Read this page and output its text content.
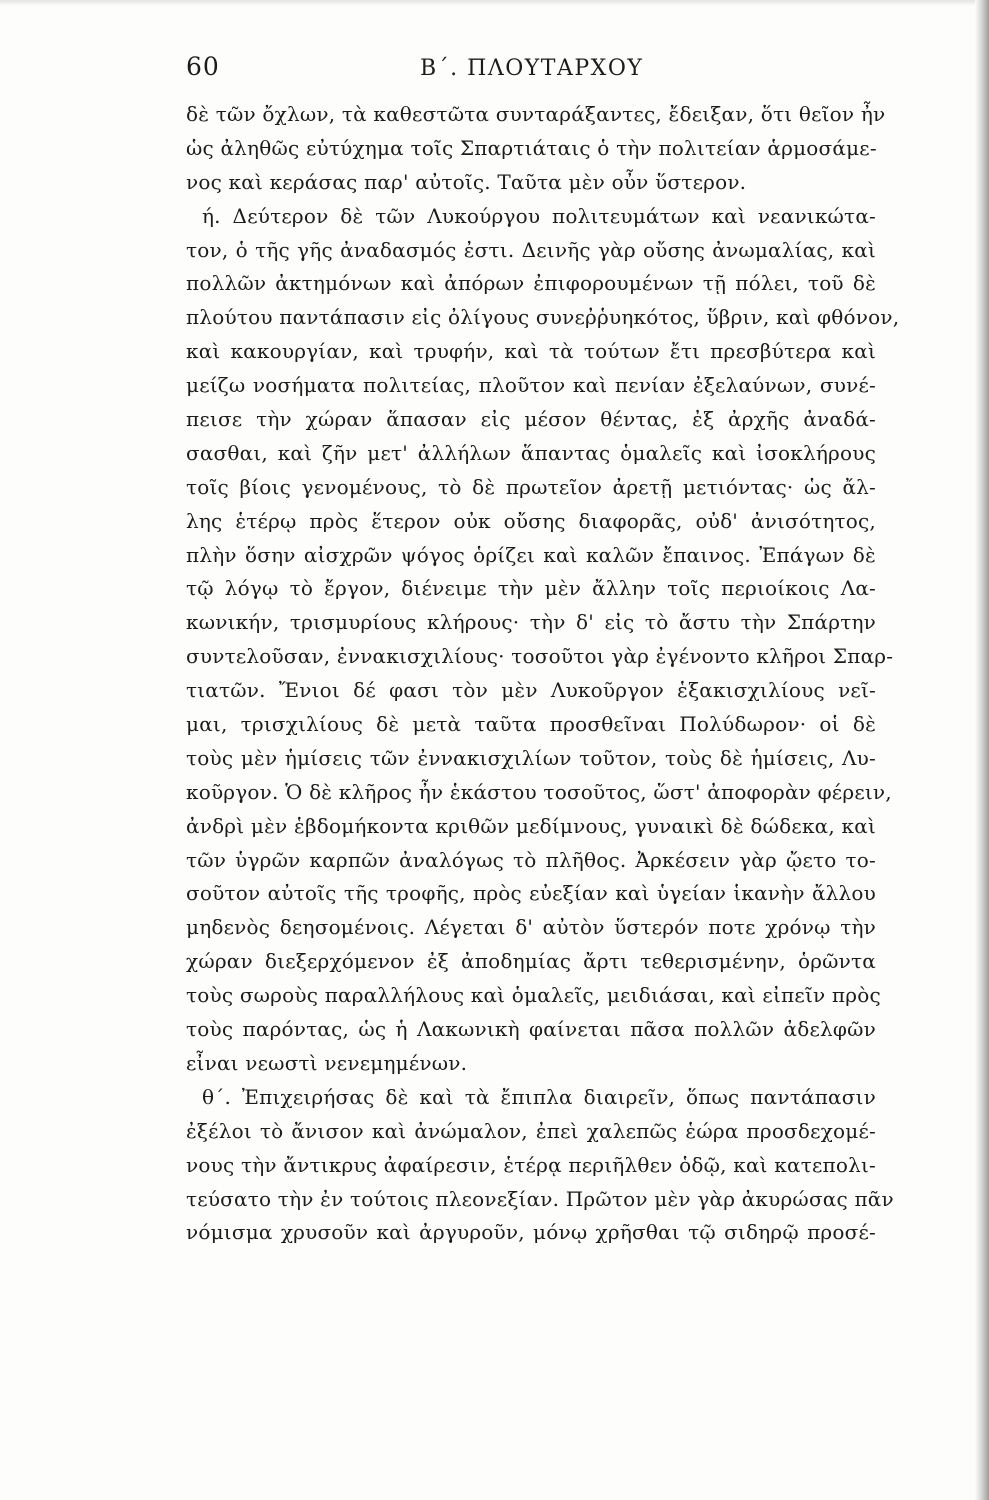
60	Β΄. ΠΛΟΥΤΑΡΧΟΥ
δὲ τῶν ὄχλων, τὰ καθεστῶτα συνταράξαντες, ἔδειξαν, ὅτι θεῖον ἦν
ὡς ἀληθῶς εὐτύχημα τοῖς Σπαρτιάταις ὁ τὴν πολιτείαν ἁρμοσάμε-
νος καὶ κεράσας παρ' αὐτοῖς. Ταῦτα μὲν οὖν ὕστερον.
ή. Δεύτερον δὲ τῶν Λυκούργου πολιτευμάτων καὶ νεανικώτα-
τον, ὁ τῆς γῆς ἀναδασμός ἐστι. Δεινῆς γὰρ οὔσης ἀνωμαλίας, καὶ
πολλῶν ἀκτημόνων καὶ ἀπόρων ἐπιφορουμένων τῇ πόλει, τοῦ δὲ
πλούτου παντάπασιν εἰς ὀλίγους συνεῤῥυηκότος, ὕβριν, καὶ φθόνον,
καὶ κακουργίαν, καὶ τρυφήν, καὶ τὰ τούτων ἔτι πρεσβύτερα καὶ
μείζω νοσήματα πολιτείας, πλοῦτον καὶ πενίαν ἐξελαύνων, συνέ-
πεισε τὴν χώραν ἅπασαν εἰς μέσον θέντας, ἐξ ἀρχῆς ἀναδά-
σασθαι, καὶ ζῆν μετ' ἀλλήλων ἅπαντας ὁμαλεῖς καὶ ἰσοκλήρους
τοῖς βίοις γενομένους, τὸ δὲ πρωτεῖον ἀρετῇ μετιόντας· ὡς ἄλ-
λης ἑτέρῳ πρὸς ἕτερον οὐκ οὔσης διαφορᾶς, οὐδ' ἀνισότητος,
πλὴν ὅσην αἰσχρῶν ψόγος ὁρίζει καὶ καλῶν ἔπαινος. Ἐπάγων δὲ
τῷ λόγῳ τὸ ἔργον, διένειμε τὴν μὲν ἄλλην τοῖς περιοίκοις Λα-
κωνικήν, τρισμυρίους κλήρους· τὴν δ' εἰς τὸ ἄστυ τὴν Σπάρτην
συντελοῦσαν, ἐννακισχιλίους· τοσοῦτοι γὰρ ἐγένοντο κλῆροι Σπαρ-
τιατῶν. Ἔνιοι δέ φασι τὸν μὲν Λυκοῦργον ἑξακισχιλίους νεῖ-
μαι, τρισχιλίους δὲ μετὰ ταῦτα προσθεῖναι Πολύδωρον· οἱ δὲ
τοὺς μὲν ἡμίσεις τῶν ἐννακισχιλίων τοῦτον, τοὺς δὲ ἡμίσεις, Λυ-
κοῦργον. Ὁ δὲ κλῆρος ἦν ἑκάστου τοσοῦτος, ὥστ' ἀποφορὰν φέρειν,
ἀνδρὶ μὲν ἑβδομήκοντα κριθῶν μεδίμνους, γυναικὶ δὲ δώδεκα, καὶ
τῶν ὑγρῶν καρπῶν ἀναλόγως τὸ πλῆθος. Ἀρκέσειν γὰρ ᾤετο το-
σοῦτον αὐτοῖς τῆς τροφῆς, πρὸς εὐεξίαν καὶ ὑγείαν ἱκανὴν ἄλλου
μηδενὸς δεησομένοις. Λέγεται δ' αὐτὸν ὕστερόν ποτε χρόνῳ τὴν
χώραν διεξερχόμενον ἐξ ἀποδημίας ἄρτι τεθερισμένην, ὁρῶντα
τοὺς σωροὺς παραλλήλους καὶ ὁμαλεῖς, μειδιάσαι, καὶ εἰπεῖν πρὸς
τοὺς παρόντας, ὡς ἡ Λακωνικὴ φαίνεται πᾶσα πολλῶν ἀδελφῶν
εἶναι νεωστὶ νενεμημένων.
θ΄. Ἐπιχειρήσας δὲ καὶ τὰ ἔπιπλα διαιρεῖν, ὅπως παντάπασιν
ἐξέλοι τὸ ἄνισον καὶ ἀνώμαλον, ἐπεὶ χαλεπῶς ἑώρα προσδεχομέ-
νους τὴν ἄντικρυς ἀφαίρεσιν, ἑτέρᾳ περιῆλθεν ὁδῷ, καὶ κατεπολι-
τεύσατο τὴν ἐν τούτοις πλεονεξίαν. Πρῶτον μὲν γὰρ ἀκυρώσας πᾶν
νόμισμα χρυσοῦν καὶ ἀργυροῦν, μόνῳ χρῆσθαι τῷ σιδηρῷ προσέ-
